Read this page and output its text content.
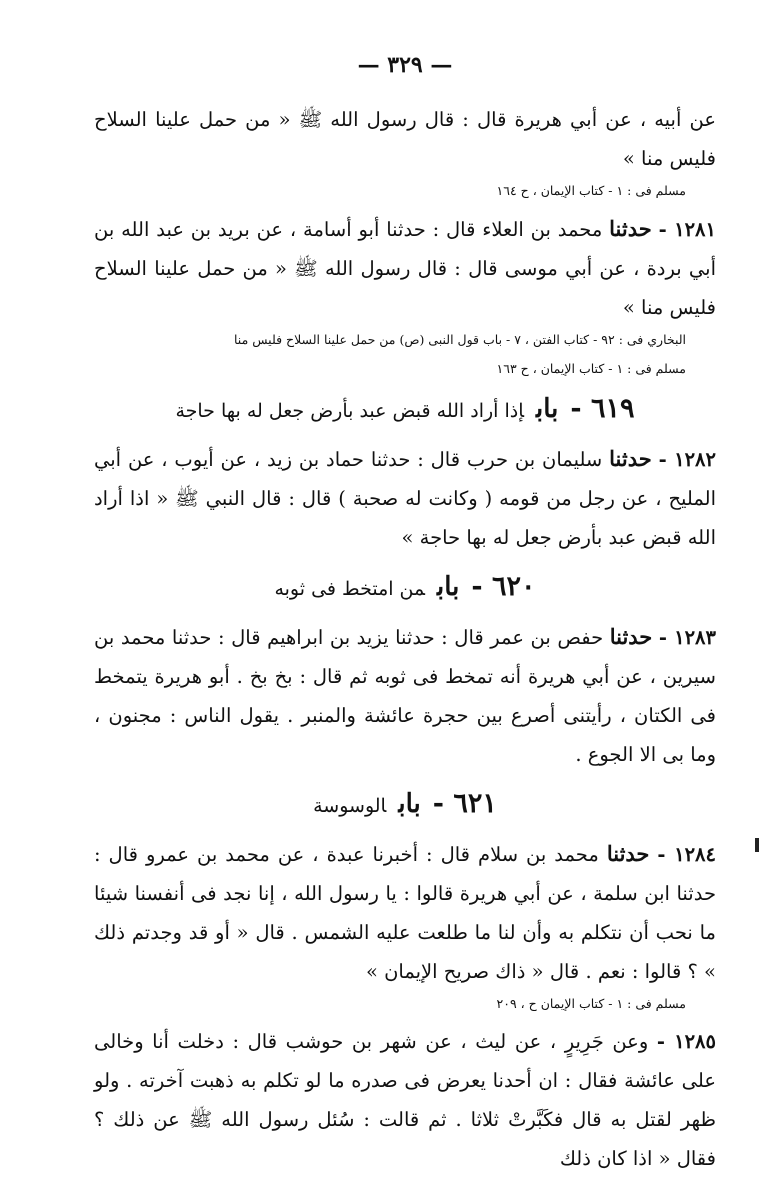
— ٣٢٩ —

عن أبيه ، عن أبي هريرة قال : قال رسول الله ﷺ « من حمل علينا السلاح فليس منا »

مسلم فى : ١ - كتاب الإيمان ، ح ١٦٤

١٢٨١ - حدثنا محمد بن العلاء قال : حدثنا أبو أسامة ، عن بريد بن عبد الله بن أبي بردة ، عن أبي موسى قال : قال رسول الله ﷺ « من حمل علينا السلاح فليس منا »

البخاري فى : ٩٢ - كتاب الفتن ، ٧ - باب قول النبى (ص) من حمل علينا السلاح فليس منا
مسلم فى : ١ - كتاب الإيمان ، ح ١٦٣
٦١٩ -بابإذا أراد الله قبض عبد بأرض جعل له بها حاجة

١٢٨٢ - حدثنا سليمان بن حرب قال : حدثنا حماد بن زيد ، عن أيوب ، عن أبي المليح ، عن رجل من قومه ( وكانت له صحبة ) قال : قال النبي ﷺ « اذا أراد الله قبض عبد بأرض جعل له بها حاجة »

٦٢٠ -بابمن امتخط فى ثوبه

١٢٨٣ - حدثنا حفص بن عمر قال : حدثنا يزيد بن ابراهيم قال : حدثنا محمد بن سيرين ، عن أبي هريرة أنه تمخط فى ثوبه ثم قال : بخ بخ . أبو هريرة يتمخط فى الكتان ، رأيتنى أصرع بين حجرة عائشة والمنبر . يقول الناس : مجنون ، وما بى الا الجوع .

٦٢١ -بابالوسوسة

١٢٨٤ - حدثنا محمد بن سلام قال : أخبرنا عبدة ، عن محمد بن عمرو قال : حدثنا ابن سلمة ، عن أبي هريرة قالوا : يا رسول الله ، إنا نجد فى أنفسنا شيئا ما نحب أن نتكلم به وأن لنا ما طلعت عليه الشمس . قال « أو قد وجدتم ذلك » ؟ قالوا : نعم . قال « ذاك صريح الإيمان »

مسلم فى : ١ - كتاب الإيمان ح ، ٢٠٩

١٢٨٥ - وعن جَرِيرٍ ، عن ليث ، عن شهر بن حوشب قال : دخلت أنا وخالى على عائشة فقال : ان أحدنا يعرض فى صدره ما لو تكلم به ذهبت آخرته . ولو ظهر لقتل به قال فكَبَّرتْ ثلاثا . ثم قالت : سُئل رسول الله ﷺ عن ذلك ؟ فقال « اذا كان ذلك
